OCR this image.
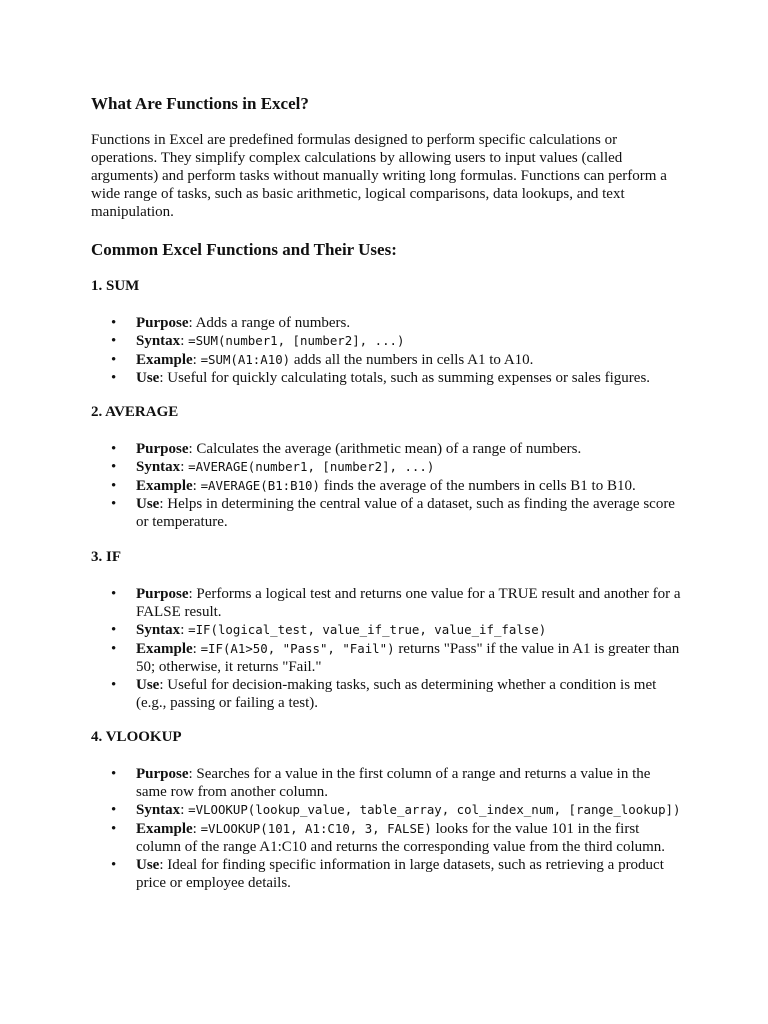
What Are Functions in Excel?

Functions in Excel are predefined formulas designed to perform specific calculations or operations. They simplify complex calculations by allowing users to input values (called arguments) and perform tasks without manually writing long formulas. Functions can perform a wide range of tasks, such as basic arithmetic, logical comparisons, data lookups, and text manipulation.

Common Excel Functions and Their Uses:
1. SUM
• Purpose: Adds a range of numbers.
• Syntax: =SUM(number1, [number2], ...)
• Example: =SUM(A1:A10) adds all the numbers in cells A1 to A10.
• Use: Useful for quickly calculating totals, such as summing expenses or sales figures.
2. AVERAGE
• Purpose: Calculates the average (arithmetic mean) of a range of numbers.
• Syntax: =AVERAGE(number1, [number2], ...)
• Example: =AVERAGE(B1:B10) finds the average of the numbers in cells B1 to B10.
• Use: Helps in determining the central value of a dataset, such as finding the average score or temperature.
3. IF
• Purpose: Performs a logical test and returns one value for a TRUE result and another for a FALSE result.
• Syntax: =IF(logical_test, value_if_true, value_if_false)
• Example: =IF(A1>50, "Pass", "Fail") returns "Pass" if the value in A1 is greater than 50; otherwise, it returns "Fail."
• Use: Useful for decision-making tasks, such as determining whether a condition is met (e.g., passing or failing a test).
4. VLOOKUP
• Purpose: Searches for a value in the first column of a range and returns a value in the same row from another column.
• Syntax: =VLOOKUP(lookup_value, table_array, col_index_num, [range_lookup])
• Example: =VLOOKUP(101, A1:C10, 3, FALSE) looks for the value 101 in the first column of the range A1:C10 and returns the corresponding value from the third column.
• Use: Ideal for finding specific information in large datasets, such as retrieving a product price or employee details.
